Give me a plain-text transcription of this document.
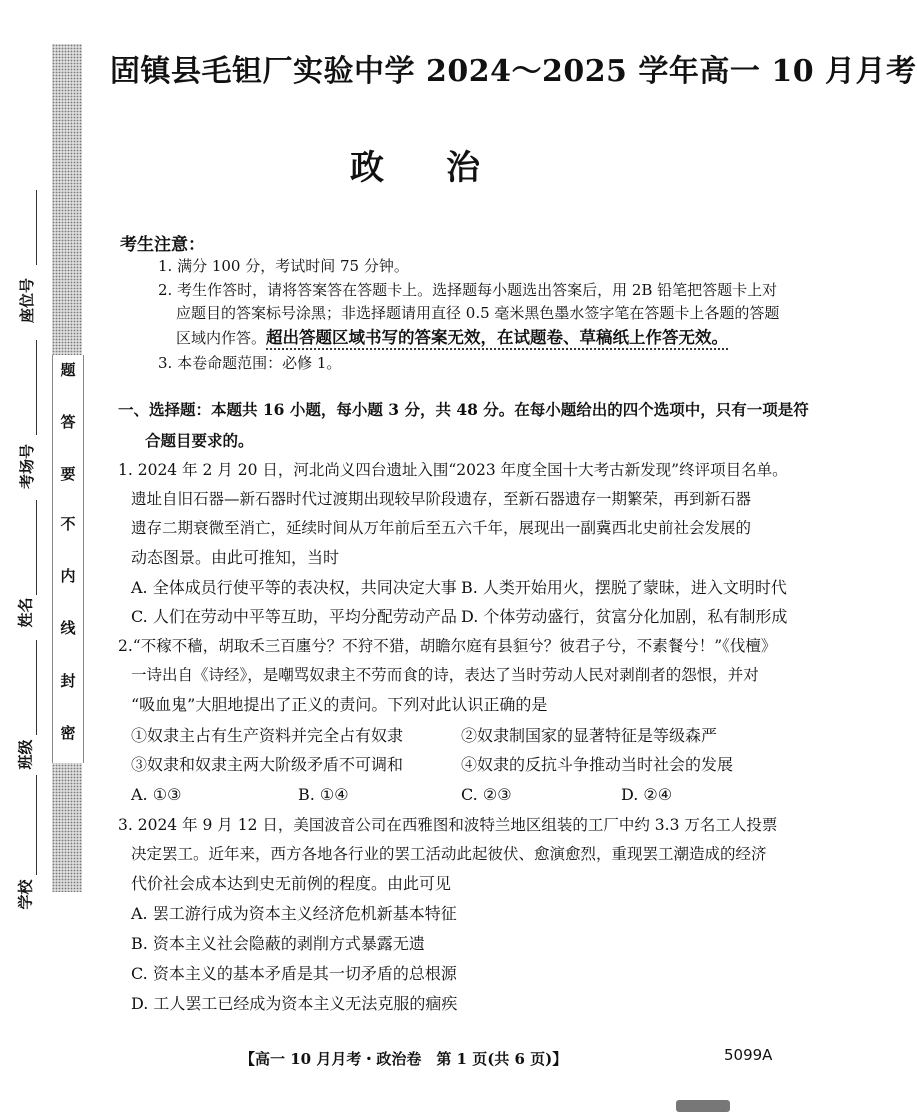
题
答
要
不
内
线
封
密
座位号
考场号
姓名
班级
学校
固镇县毛钽厂实验中学 2024～2025 学年高一 10 月月考
政治
考生注意：
1. 满分 100 分，考试时间 75 分钟。
2. 考生作答时，请将答案答在答题卡上。选择题每小题选出答案后，用 2B 铅笔把答题卡上对
应题目的答案标号涂黑；非选择题请用直径 0.5 毫米黑色墨水签字笔在答题卡上各题的答题
区域内作答。超出答题区域书写的答案无效，在试题卷、草稿纸上作答无效。
3. 本卷命题范围：必修 1。
一、选择题：本题共 16 小题，每小题 3 分，共 48 分。在每小题给出的四个选项中，只有一项是符
合题目要求的。
1. 2024 年 2 月 20 日，河北尚义四台遗址入围“2023 年度全国十大考古新发现”终评项目名单。
遗址自旧石器—新石器时代过渡期出现较早阶段遗存，至新石器遗存一期繁荣，再到新石器
遗存二期衰微至消亡，延续时间从万年前后至五六千年，展现出一副冀西北史前社会发展的
动态图景。由此可推知，当时
A. 全体成员行使平等的表决权，共同决定大事 B. 人类开始用火，摆脱了蒙昧，进入文明时代
C. 人们在劳动中平等互助，平均分配劳动产品 D. 个体劳动盛行，贫富分化加剧，私有制形成
2.“不稼不穑，胡取禾三百廛兮？不狩不猎，胡瞻尔庭有县貆兮？彼君子兮，不素餐兮！”《伐檀》
一诗出自《诗经》，是嘲骂奴隶主不劳而食的诗，表达了当时劳动人民对剥削者的怨恨，并对
“吸血鬼”大胆地提出了正义的责问。下列对此认识正确的是
①奴隶主占有生产资料并完全占有奴隶	②奴隶制国家的显著特征是等级森严
③奴隶和奴隶主两大阶级矛盾不可调和	④奴隶的反抗斗争推动当时社会的发展
A. ①③	B. ①④	C. ②③	D. ②④
3. 2024 年 9 月 12 日，美国波音公司在西雅图和波特兰地区组装的工厂中约 3.3 万名工人投票
决定罢工。近年来，西方各地各行业的罢工活动此起彼伏、愈演愈烈，重现罢工潮造成的经济
代价社会成本达到史无前例的程度。由此可见
A. 罢工游行成为资本主义经济危机新基本特征
B. 资本主义社会隐蔽的剥削方式暴露无遗
C. 资本主义的基本矛盾是其一切矛盾的总根源
D. 工人罢工已经成为资本主义无法克服的痼疾
【高一 10 月月考・政治卷　第 1 页(共 6 页)】	5099A
